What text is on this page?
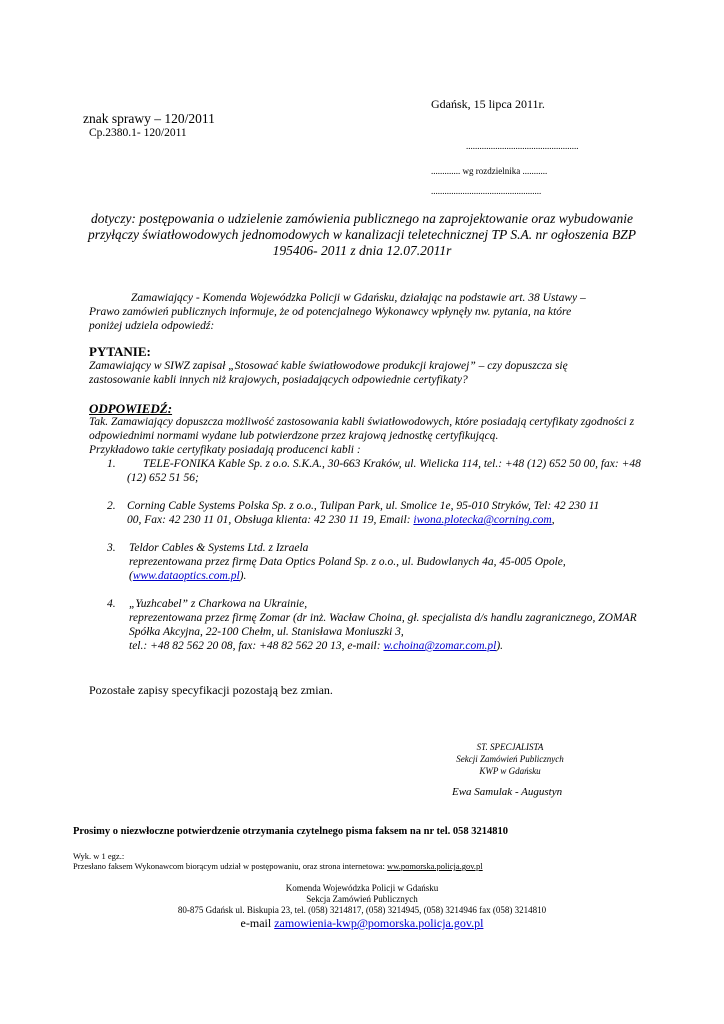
Gdańsk, 15 lipca 2011r.
znak sprawy – 120/2011
Cp.2380.1- 120/2011
..................................................
............. wg rozdzielnika ...........
.................................................
dotyczy: postępowania o udzielenie zamówienia publicznego na zaprojektowanie oraz wybudowanie
przyłączy światłowodowych jednomodowych w kanalizacji teletechnicznej TP S.A. nr ogłoszenia BZP
195406- 2011 z dnia 12.07.2011r
Zamawiający - Komenda Wojewódzka Policji w Gdańsku, działając na podstawie art. 38 Ustawy –
Prawo zamówień publicznych informuje, że od potencjalnego Wykonawcy wpłynęły nw. pytania, na które
poniżej udziela odpowiedź:
PYTANIE:
Zamawiający w SIWZ zapisał „Stosować kable światłowodowe produkcji krajowej” – czy dopuszcza się
zastosowanie kabli innych niż krajowych, posiadających odpowiednie certyfikaty?
ODPOWIEDŹ:
Tak. Zamawiający dopuszcza możliwość zastosowania kabli światłowodowych, które posiadają certyfikaty zgodności z
odpowiednimi normami wydane lub potwierdzone przez krajową jednostkę certyfikującą.
Przykładowo takie certyfikaty posiadają producenci kabli :
1. TELE-FONIKA Kable Sp. z o.o. S.K.A., 30-663 Kraków, ul. Wielicka 114, tel.: +48 (12) 652 50 00, fax: +48
(12) 652 51 56;
2. Corning Cable Systems Polska Sp. z o.o., Tulipan Park, ul. Smolice 1e, 95-010 Stryków, Tel: 42 230 11
00, Fax: 42 230 11 01, Obsługa klienta: 42 230 11 19, Email: iwona.plotecka@corning.com,
3. Teldor Cables & Systems Ltd. z Izraela
reprezentowana przez firmę Data Optics Poland Sp. z o.o., ul. Budowlanych 4a, 45-005 Opole,
(www.dataoptics.com.pl).
4. „Yuzhcabel” z Charkowa na Ukrainie,
reprezentowana przez firmę Zomar (dr inż. Wacław Choina, gł. specjalista d/s handlu zagranicznego, ZOMAR
Spółka Akcyjna, 22-100 Chełm, ul. Stanisława Moniuszki 3,
tel.: +48 82 562 20 08, fax: +48 82 562 20 13, e-mail: w.choina@zomar.com.pl).
Pozostałe zapisy specyfikacji pozostają bez zmian.
ST. SPECJALISTA
Sekcji Zamówień Publicznych
KWP w Gdańsku
Ewa Samulak - Augustyn
Prosimy o niezwłoczne potwierdzenie otrzymania czytelnego pisma faksem na nr tel. 058 3214810
Wyk. w 1 egz.:
Przesłano faksem Wykonawcom biorącym udział w postępowaniu, oraz strona internetowa: ww.pomorska.policja.gov.pl
Komenda Wojewódzka Policji w Gdańsku
Sekcja Zamówień Publicznych
80-875 Gdańsk ul. Biskupia 23, tel. (058) 3214817, (058) 3214945, (058) 3214946 fax (058) 3214810
e-mail zamowienia-kwp@pomorska.policja.gov.pl
